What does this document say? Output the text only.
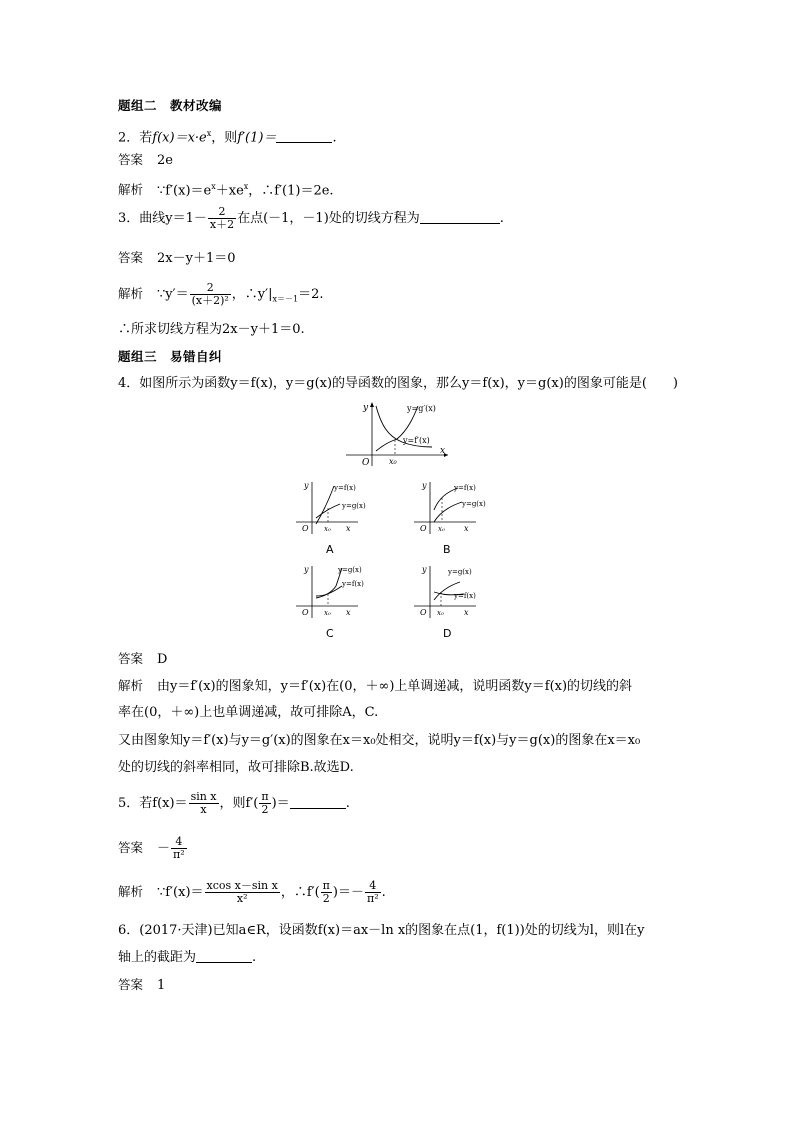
题组二　教材改编
2．若$f(x)=x\cdot e^x$，则f′(1)＝	.
答案 2e
解析 $\because f'(x)=e^x+xe^x$，∴f′(1)＝2e.
3．曲线$y=1- \frac{2}{x+2}$ 在点(－1，－1)处的切线方程为	.
答案 2x－y＋1＝0
解析 ∵y′＝ $\frac{2}{\text{(x＋2)²}}$ ，$\therefore y'|_{x=-1}=2$.
∴所求切线方程为2x－y＋1＝0.
题组三　易错自纠
4．如图所示为函数y＝f(x)，y＝g(x)的导函数的图象，那么y＝f(x)，y＝g(x)的图象可能是(　　)
y
x
O x₀
y=g′(x)
y=f′(x)
y
O x₀ x
y=f(x)
y=g(x)
A
y
O x₀ x
y=f(x)
y=g(x)
B
y
O x₀ x
y=g(x)
y=f(x)
C
y
O x₀	x
y=g(x)
y=f(x)
D
答案 D
解析 由y＝f′(x)的图象知，y＝f′(x)在(0，＋∞)上单调递减，说明函数y＝f(x)的切线的斜
率在(0，＋∞)上也单调递减，故可排除A，C.
又由图象知y＝f′(x)与y＝g′(x)的图象在x＝x₀处相交，说明y＝f(x)与y＝g(x)的图象在x＝x₀
处的切线的斜率相同，故可排除B.故选D.
5．若$f(x)= \frac{\text{sin x}}{x}$ ，则$f'( \frac{\pi}{2}$ )＝	.
答案 － $\frac{4}{\text{π²}}$
解析 ∵f′(x)＝ $\frac{\text{xcos x－sin x}}{\text{x²}}$ ，∴f′( $\frac{\pi}{2}$ )＝－ $\frac{4}{\text{π²}}$ .
6．(2017·天津)已知a∈R，设函数f(x)＝ax－ln x的图象在点(1，f(1))处的切线为l，则l在y
轴上的截距为	.
答案 1
